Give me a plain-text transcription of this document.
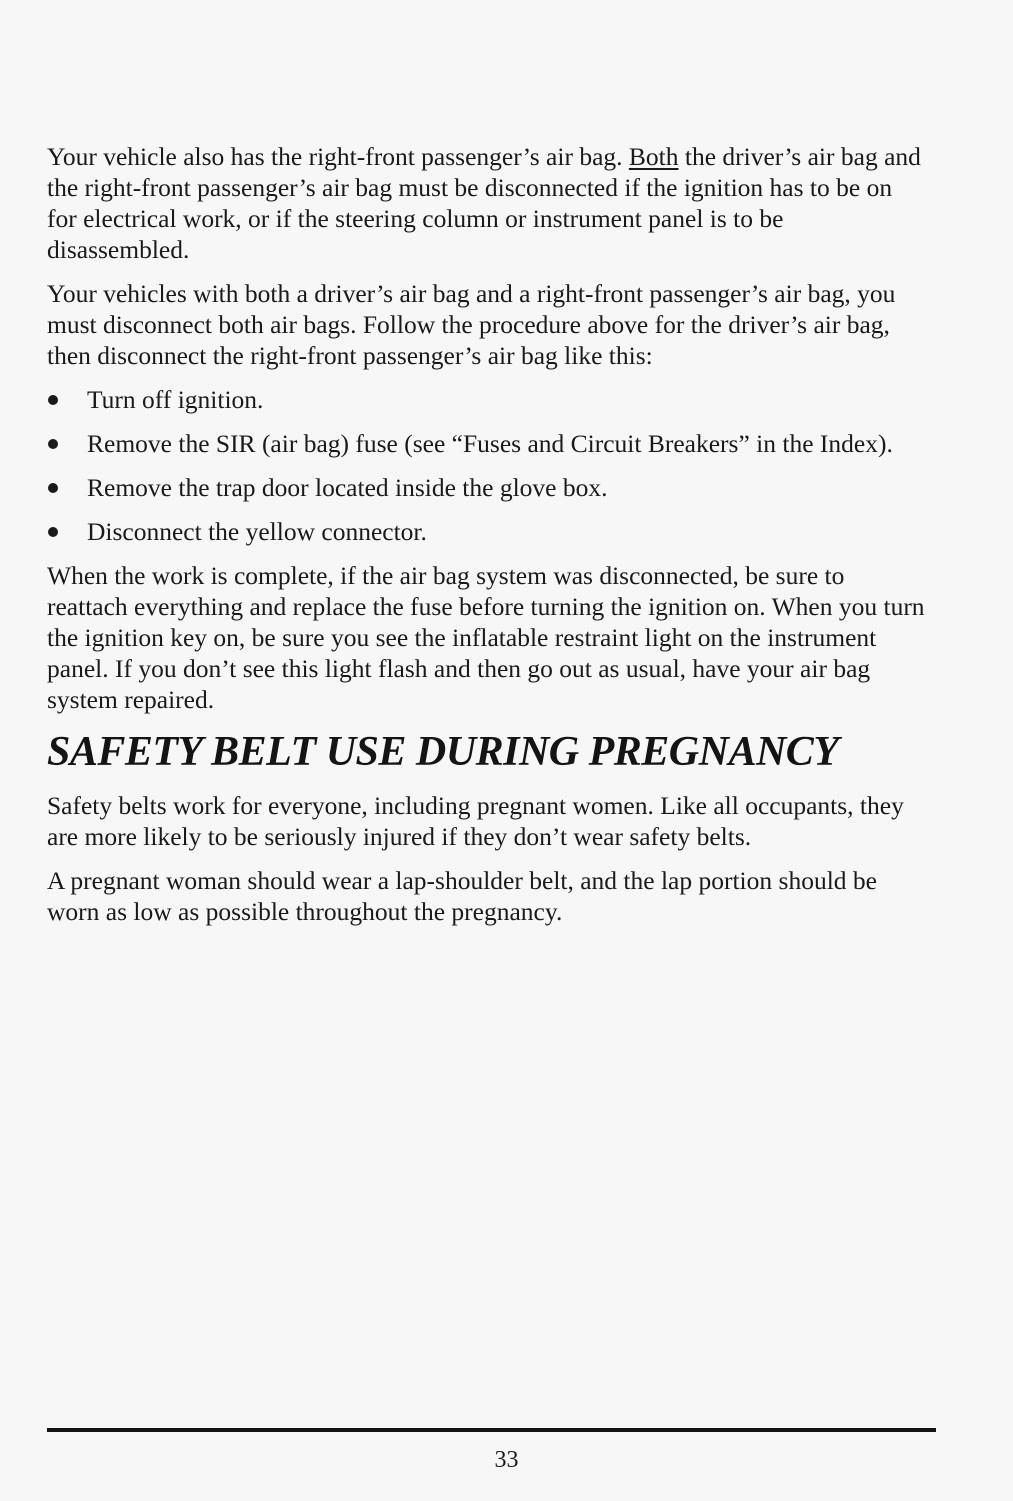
Your vehicle also has the right-front passenger’s air bag. Both the driver’s air bag and the right-front passenger’s air bag must be disconnected if the ignition has to be on for electrical work, or if the steering column or instrument panel is to be disassembled.

Your vehicles with both a driver’s air bag and a right-front passenger’s air bag, you must disconnect both air bags. Follow the procedure above for the driver’s air bag, then disconnect the right-front passenger’s air bag like this:

Turn off ignition.
Remove the SIR (air bag) fuse (see “Fuses and Circuit Breakers” in the Index).
Remove the trap door located inside the glove box.
Disconnect the yellow connector.

When the work is complete, if the air bag system was disconnected, be sure to reattach everything and replace the fuse before turning the ignition on. When you turn the ignition key on, be sure you see the inflatable restraint light on the instrument panel. If you don’t see this light flash and then go out as usual, have your air bag system repaired.

SAFETY BELT USE DURING PREGNANCY

Safety belts work for everyone, including pregnant women. Like all occupants, they are more likely to be seriously injured if they don’t wear safety belts.

A pregnant woman should wear a lap-shoulder belt, and the lap portion should be worn as low as possible throughout the pregnancy.

33
